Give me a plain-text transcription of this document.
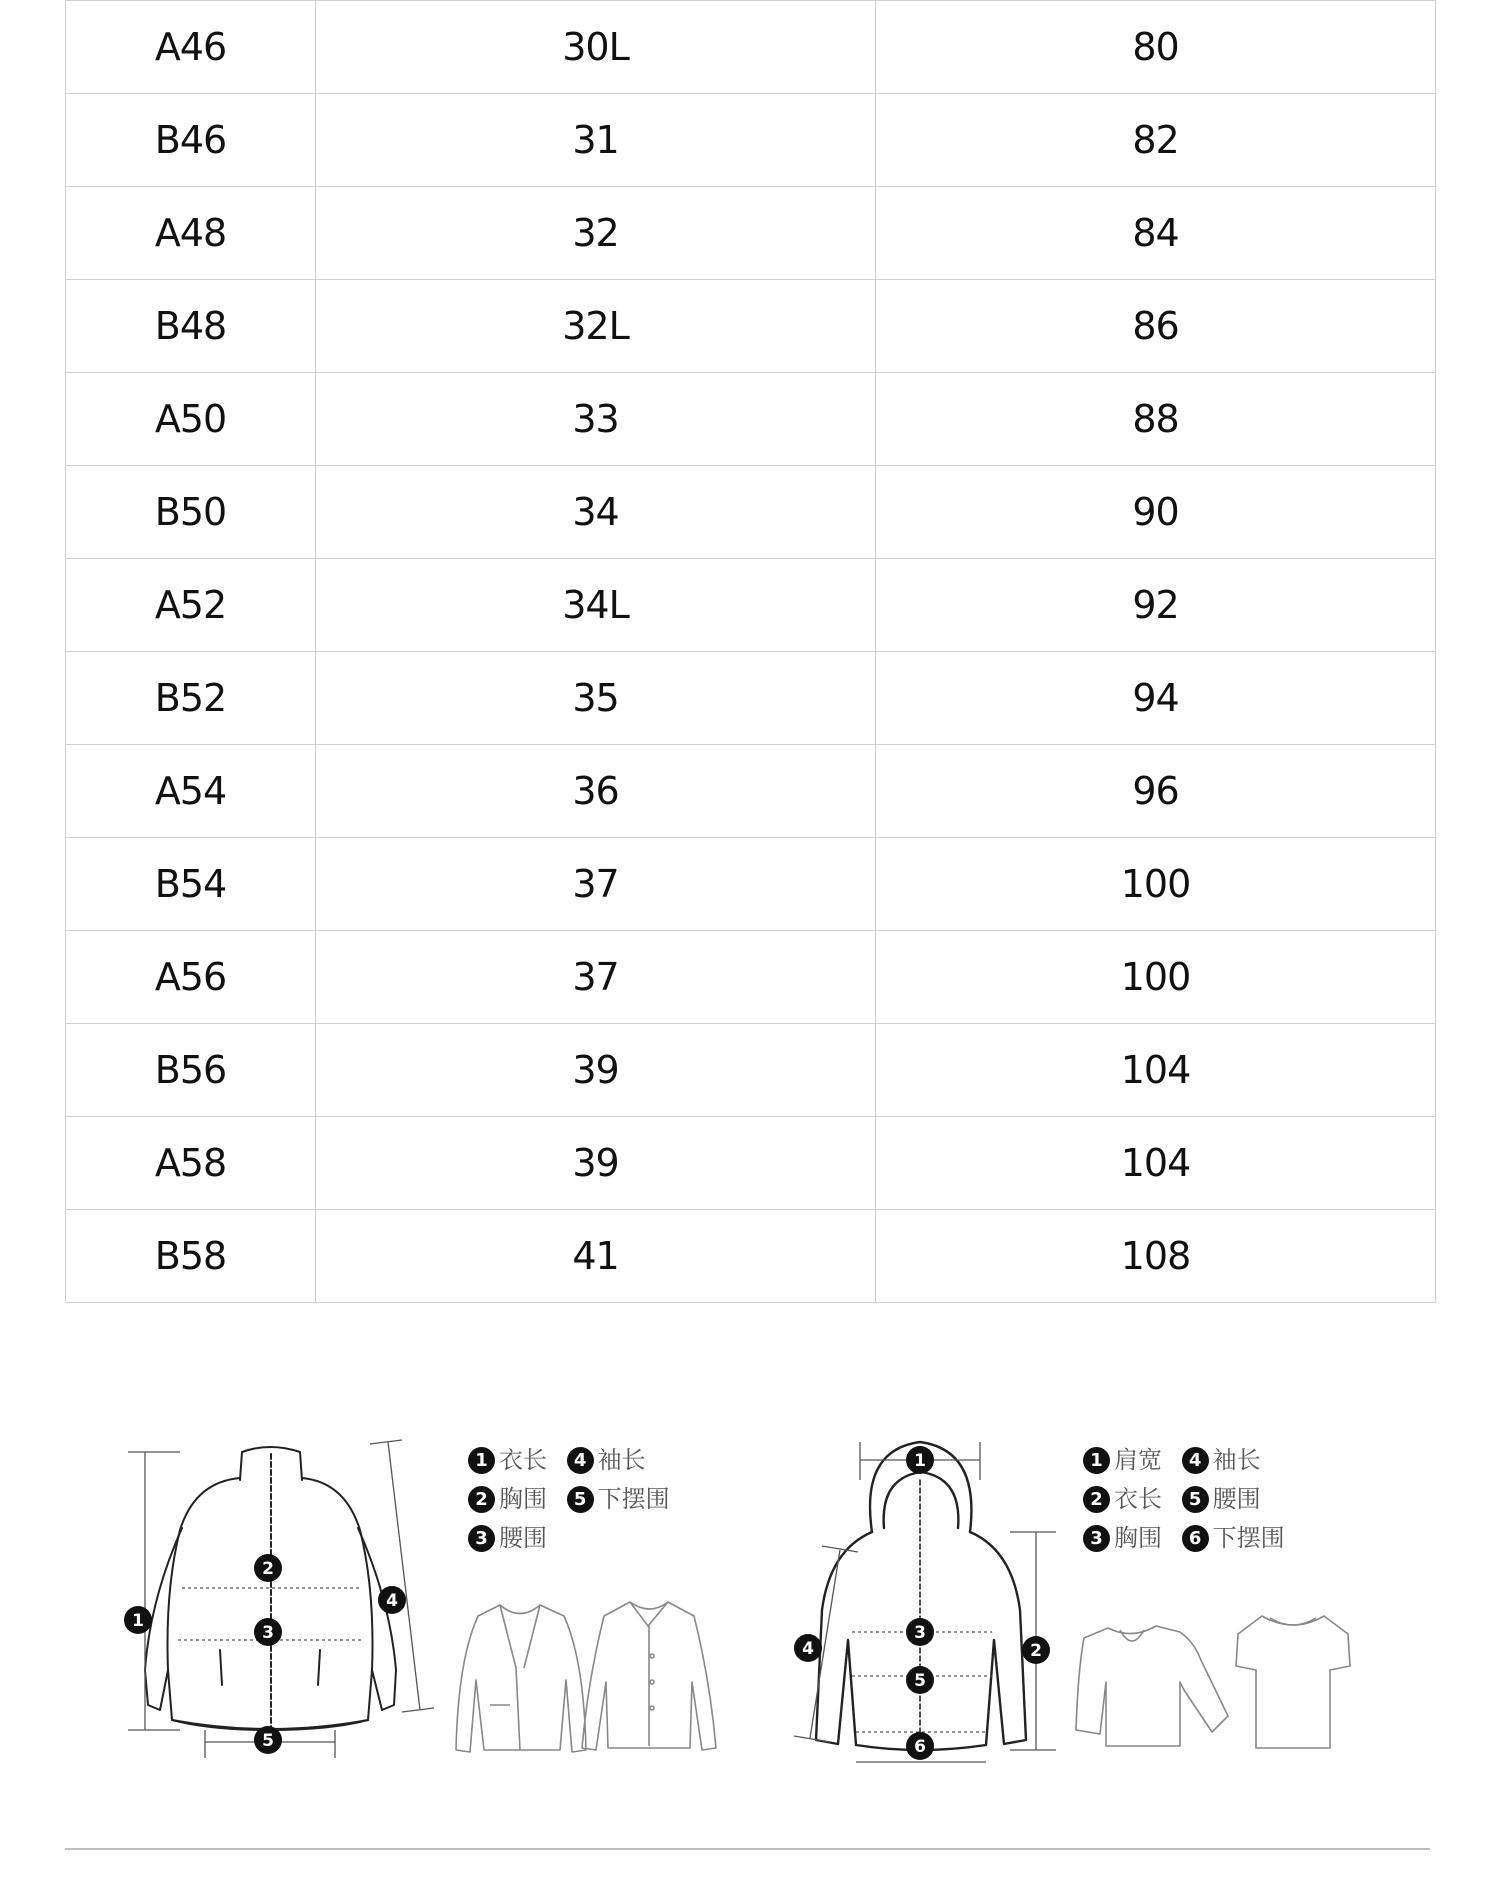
A46	30L	80
B46	31	82
A48	32	84
B48	32L	86
A50	33	88
B50	34	90
A52	34L	92
B52	35	94
A54	36	96
B54	37	100
A56	37	100
B56	39	104
A58	39	104
B58	41	108
1
2
3
4
5
1 衣长 4 袖长
2 胸围 5 下摆围
3 腰围
1
2
3
4
5
6
1 肩宽 4 袖长
2 衣长 5 腰围
3 胸围 6 下摆围
